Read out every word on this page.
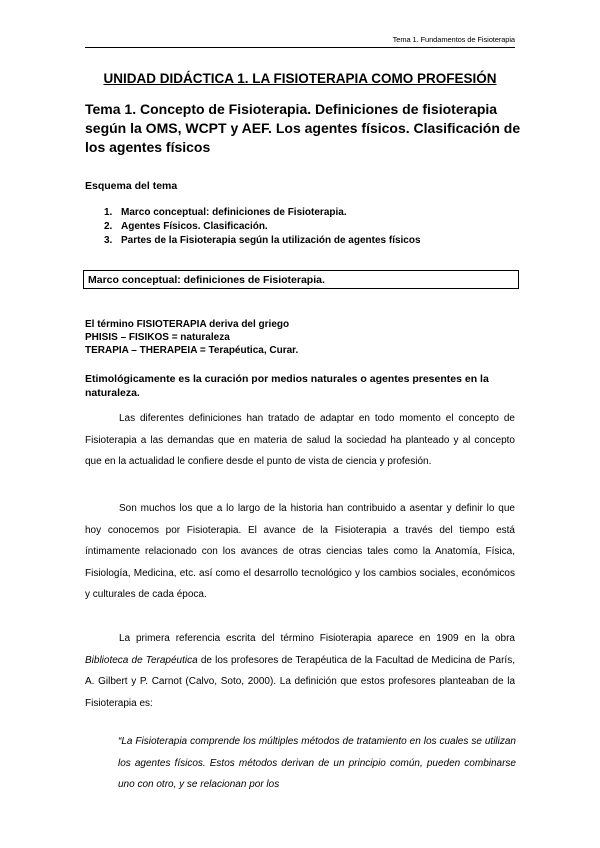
Tema 1. Fundamentos de Fisioterapia
UNIDAD DIDÁCTICA 1. LA FISIOTERAPIA COMO PROFESIÓN
Tema 1. Concepto de Fisioterapia. Definiciones de fisioterapia según la OMS, WCPT y AEF. Los agentes físicos. Clasificación de los agentes físicos
Esquema del tema
1. Marco conceptual: definiciones de Fisioterapia.
2. Agentes Físicos. Clasificación.
3. Partes de la Fisioterapia según la utilización de agentes físicos
Marco conceptual: definiciones de Fisioterapia.
El término FISIOTERAPIA deriva del griego
PHISIS – FISIKOS = naturaleza
TERAPIA – THERAPEIA = Terapéutica, Curar.
Etimológicamente es la curación por medios naturales o agentes presentes en la naturaleza.

Las diferentes definiciones han tratado de adaptar en todo momento el concepto de Fisioterapia a las demandas que en materia de salud la sociedad ha planteado y al concepto que en la actualidad le confiere desde el punto de vista de ciencia y profesión.

Son muchos los que a lo largo de la historia han contribuido a asentar y definir lo que hoy conocemos por Fisioterapia. El avance de la Fisioterapia a través del tiempo está íntimamente relacionado con los avances de otras ciencias tales como la Anatomía, Física, Fisiología, Medicina, etc. así como el desarrollo tecnológico y los cambios sociales, económicos y culturales de cada época.

La primera referencia escrita del término Fisioterapia aparece en 1909 en la obra Biblioteca de Terapéutica de los profesores de Terapéutica de la Facultad de Medicina de París, A. Gilbert y P. Carnot (Calvo, Soto, 2000). La definición que estos profesores planteaban de la Fisioterapia es:

“La Fisioterapia comprende los múltiples métodos de tratamiento en los cuales se utilizan los agentes físicos. Estos métodos derivan de un principio común, pueden combinarse uno con otro, y se relacionan por los
